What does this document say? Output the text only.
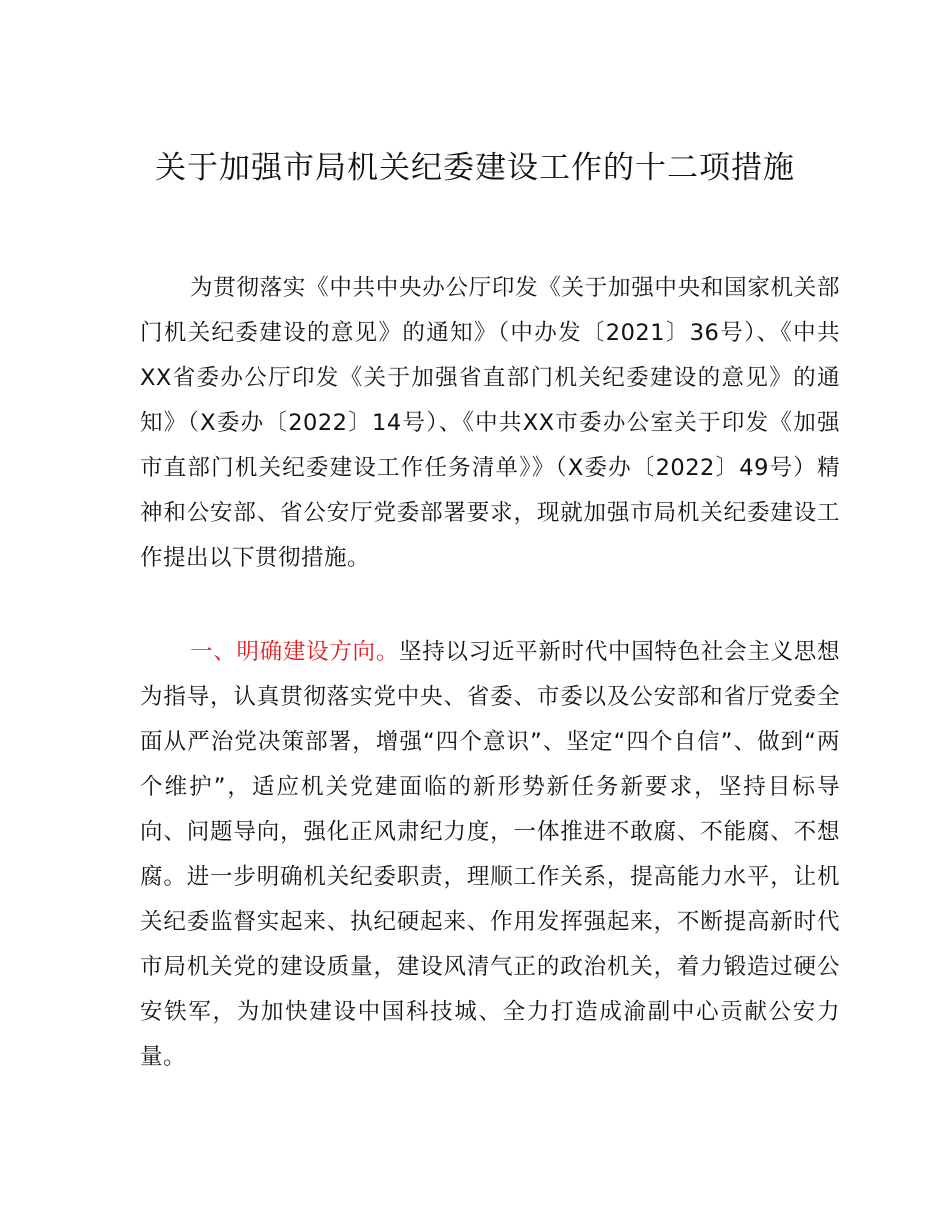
关于加强市局机关纪委建设工作的十二项措施

为贯彻落实《中共中央办公厅印发《关于加强中央和国家机关部门机关纪委建设的意见》的通知》（中办发〔2021〕36号）、《中共XX省委办公厅印发《关于加强省直部门机关纪委建设的意见》的通知》（X委办〔2022〕14号）、《中共XX市委办公室关于印发《加强市直部门机关纪委建设工作任务清单》》（X委办〔2022〕49号）精神和公安部、省公安厅党委部署要求，现就加强市局机关纪委建设工作提出以下贯彻措施。

一、明确建设方向。坚持以习近平新时代中国特色社会主义思想为指导，认真贯彻落实党中央、省委、市委以及公安部和省厅党委全面从严治党决策部署，增强“四个意识”、坚定“四个自信”、做到“两个维护”，适应机关党建面临的新形势新任务新要求，坚持目标导向、问题导向，强化正风肃纪力度，一体推进不敢腐、不能腐、不想腐。进一步明确机关纪委职责，理顺工作关系，提高能力水平，让机关纪委监督实起来、执纪硬起来、作用发挥强起来，不断提高新时代市局机关党的建设质量，建设风清气正的政治机关，着力锻造过硬公安铁军，为加快建设中国科技城、全力打造成渝副中心贡献公安力量。
